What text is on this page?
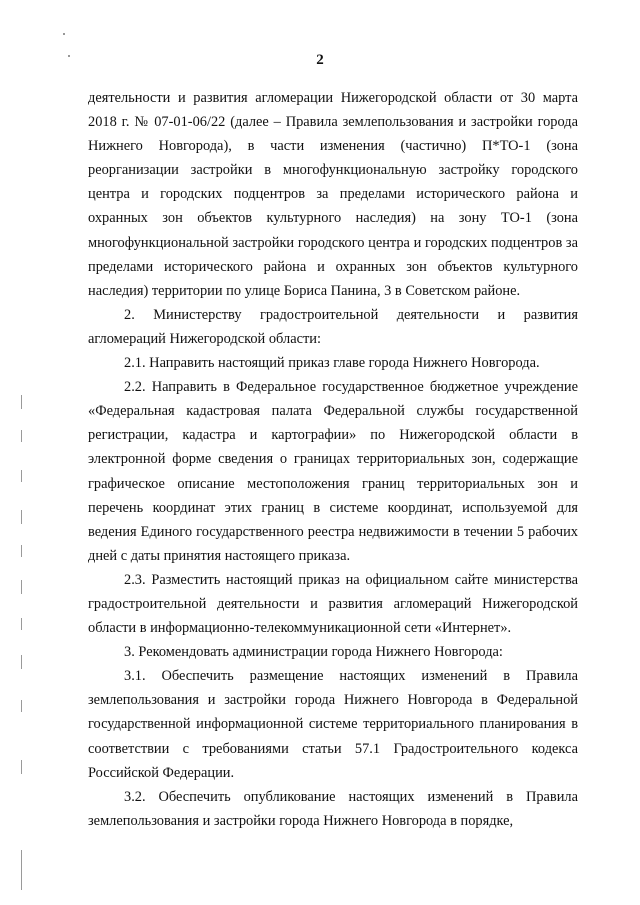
2

деятельности и развития агломерации Нижегородской области от 30 марта 2018 г. № 07-01-06/22 (далее – Правила землепользования и застройки города Нижнего Новгорода), в части изменения (частично) П*ТО-1 (зона реорганизации застройки в многофункциональную застройку городского центра и городских подцентров за пределами исторического района и охранных зон объектов культурного наследия) на зону ТО-1 (зона многофункциональной застройки городского центра и городских подцентров за пределами исторического района и охранных зон объектов культурного наследия) территории по улице Бориса Панина, 3 в Советском районе.

2. Министерству градостроительной деятельности и развития агломераций Нижегородской области:

2.1. Направить настоящий приказ главе города Нижнего Новгорода.

2.2. Направить в Федеральное государственное бюджетное учреждение «Федеральная кадастровая палата Федеральной службы государственной регистрации, кадастра и картографии» по Нижегородской области в электронной форме сведения о границах территориальных зон, содержащие графическое описание местоположения границ территориальных зон и перечень координат этих границ в системе координат, используемой для ведения Единого государственного реестра недвижимости в течении 5 рабочих дней с даты принятия настоящего приказа.

2.3. Разместить настоящий приказ на официальном сайте министерства градостроительной деятельности и развития агломераций Нижегородской области в информационно-телекоммуникационной сети «Интернет».

3. Рекомендовать администрации города Нижнего Новгорода:

3.1. Обеспечить размещение настоящих изменений в Правила землепользования и застройки города Нижнего Новгорода в Федеральной государственной информационной системе территориального планирования в соответствии с требованиями статьи 57.1 Градостроительного кодекса Российской Федерации.

3.2. Обеспечить опубликование настоящих изменений в Правила землепользования и застройки города Нижнего Новгорода в порядке,
